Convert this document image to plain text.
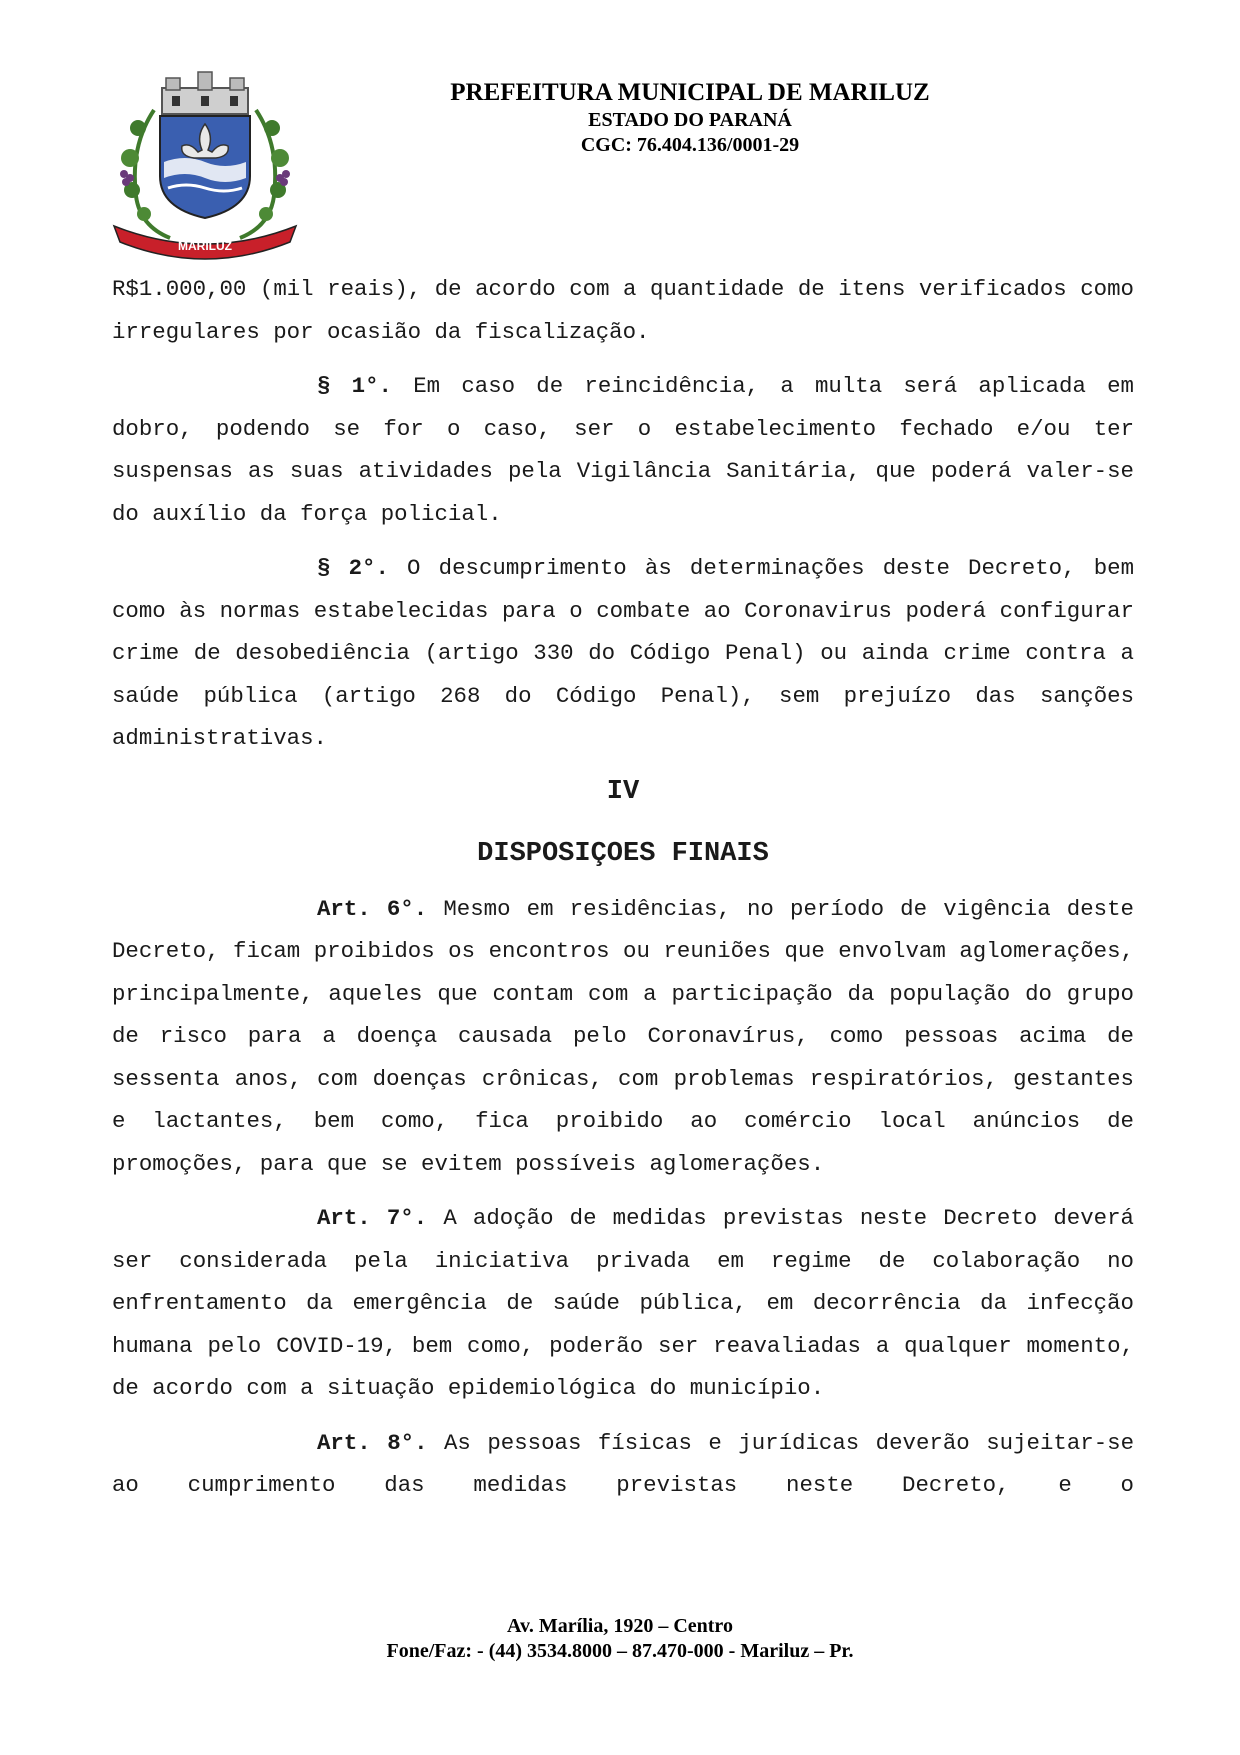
MARILUZ
PREFEITURA MUNICIPAL DE MARILUZ
ESTADO DO PARANÁ
CGC: 76.404.136/0001-29

R$1.000,00 (mil reais), de acordo com a quantidade de itens verificados como irregulares por ocasião da fiscalização.

§ 1°. Em caso de reincidência, a multa será aplicada em dobro, podendo se for o caso, ser o estabelecimento fechado e/ou ter suspensas as suas atividades pela Vigilância Sanitária, que poderá valer-se do auxílio da força policial.

§ 2°. O descumprimento às determinações deste Decreto, bem como às normas estabelecidas para o combate ao Coronavirus poderá configurar crime de desobediência (artigo 330 do Código Penal) ou ainda crime contra a saúde pública (artigo 268 do Código Penal), sem prejuízo das sanções administrativas.

IV

DISPOSIÇOES FINAIS

Art. 6°. Mesmo em residências, no período de vigência deste Decreto, ficam proibidos os encontros ou reuniões que envolvam aglomerações, principalmente, aqueles que contam com a participação da população do grupo de risco para a doença causada pelo Coronavírus, como pessoas acima de sessenta anos, com doenças crônicas, com problemas respiratórios, gestantes e lactantes, bem como, fica proibido ao comércio local anúncios de promoções, para que se evitem possíveis aglomerações.

Art. 7°. A adoção de medidas previstas neste Decreto deverá ser considerada pela iniciativa privada em regime de colaboração no enfrentamento da emergência de saúde pública, em decorrência da infecção humana pelo COVID-19, bem como, poderão ser reavaliadas a qualquer momento, de acordo com a situação epidemiológica do município.

Art. 8°. As pessoas físicas e jurídicas deverão sujeitar-se ao cumprimento das medidas previstas neste Decreto, e o

Av. Marília, 1920 – Centro
Fone/Faz: - (44) 3534.8000 – 87.470-000 - Mariluz – Pr.
